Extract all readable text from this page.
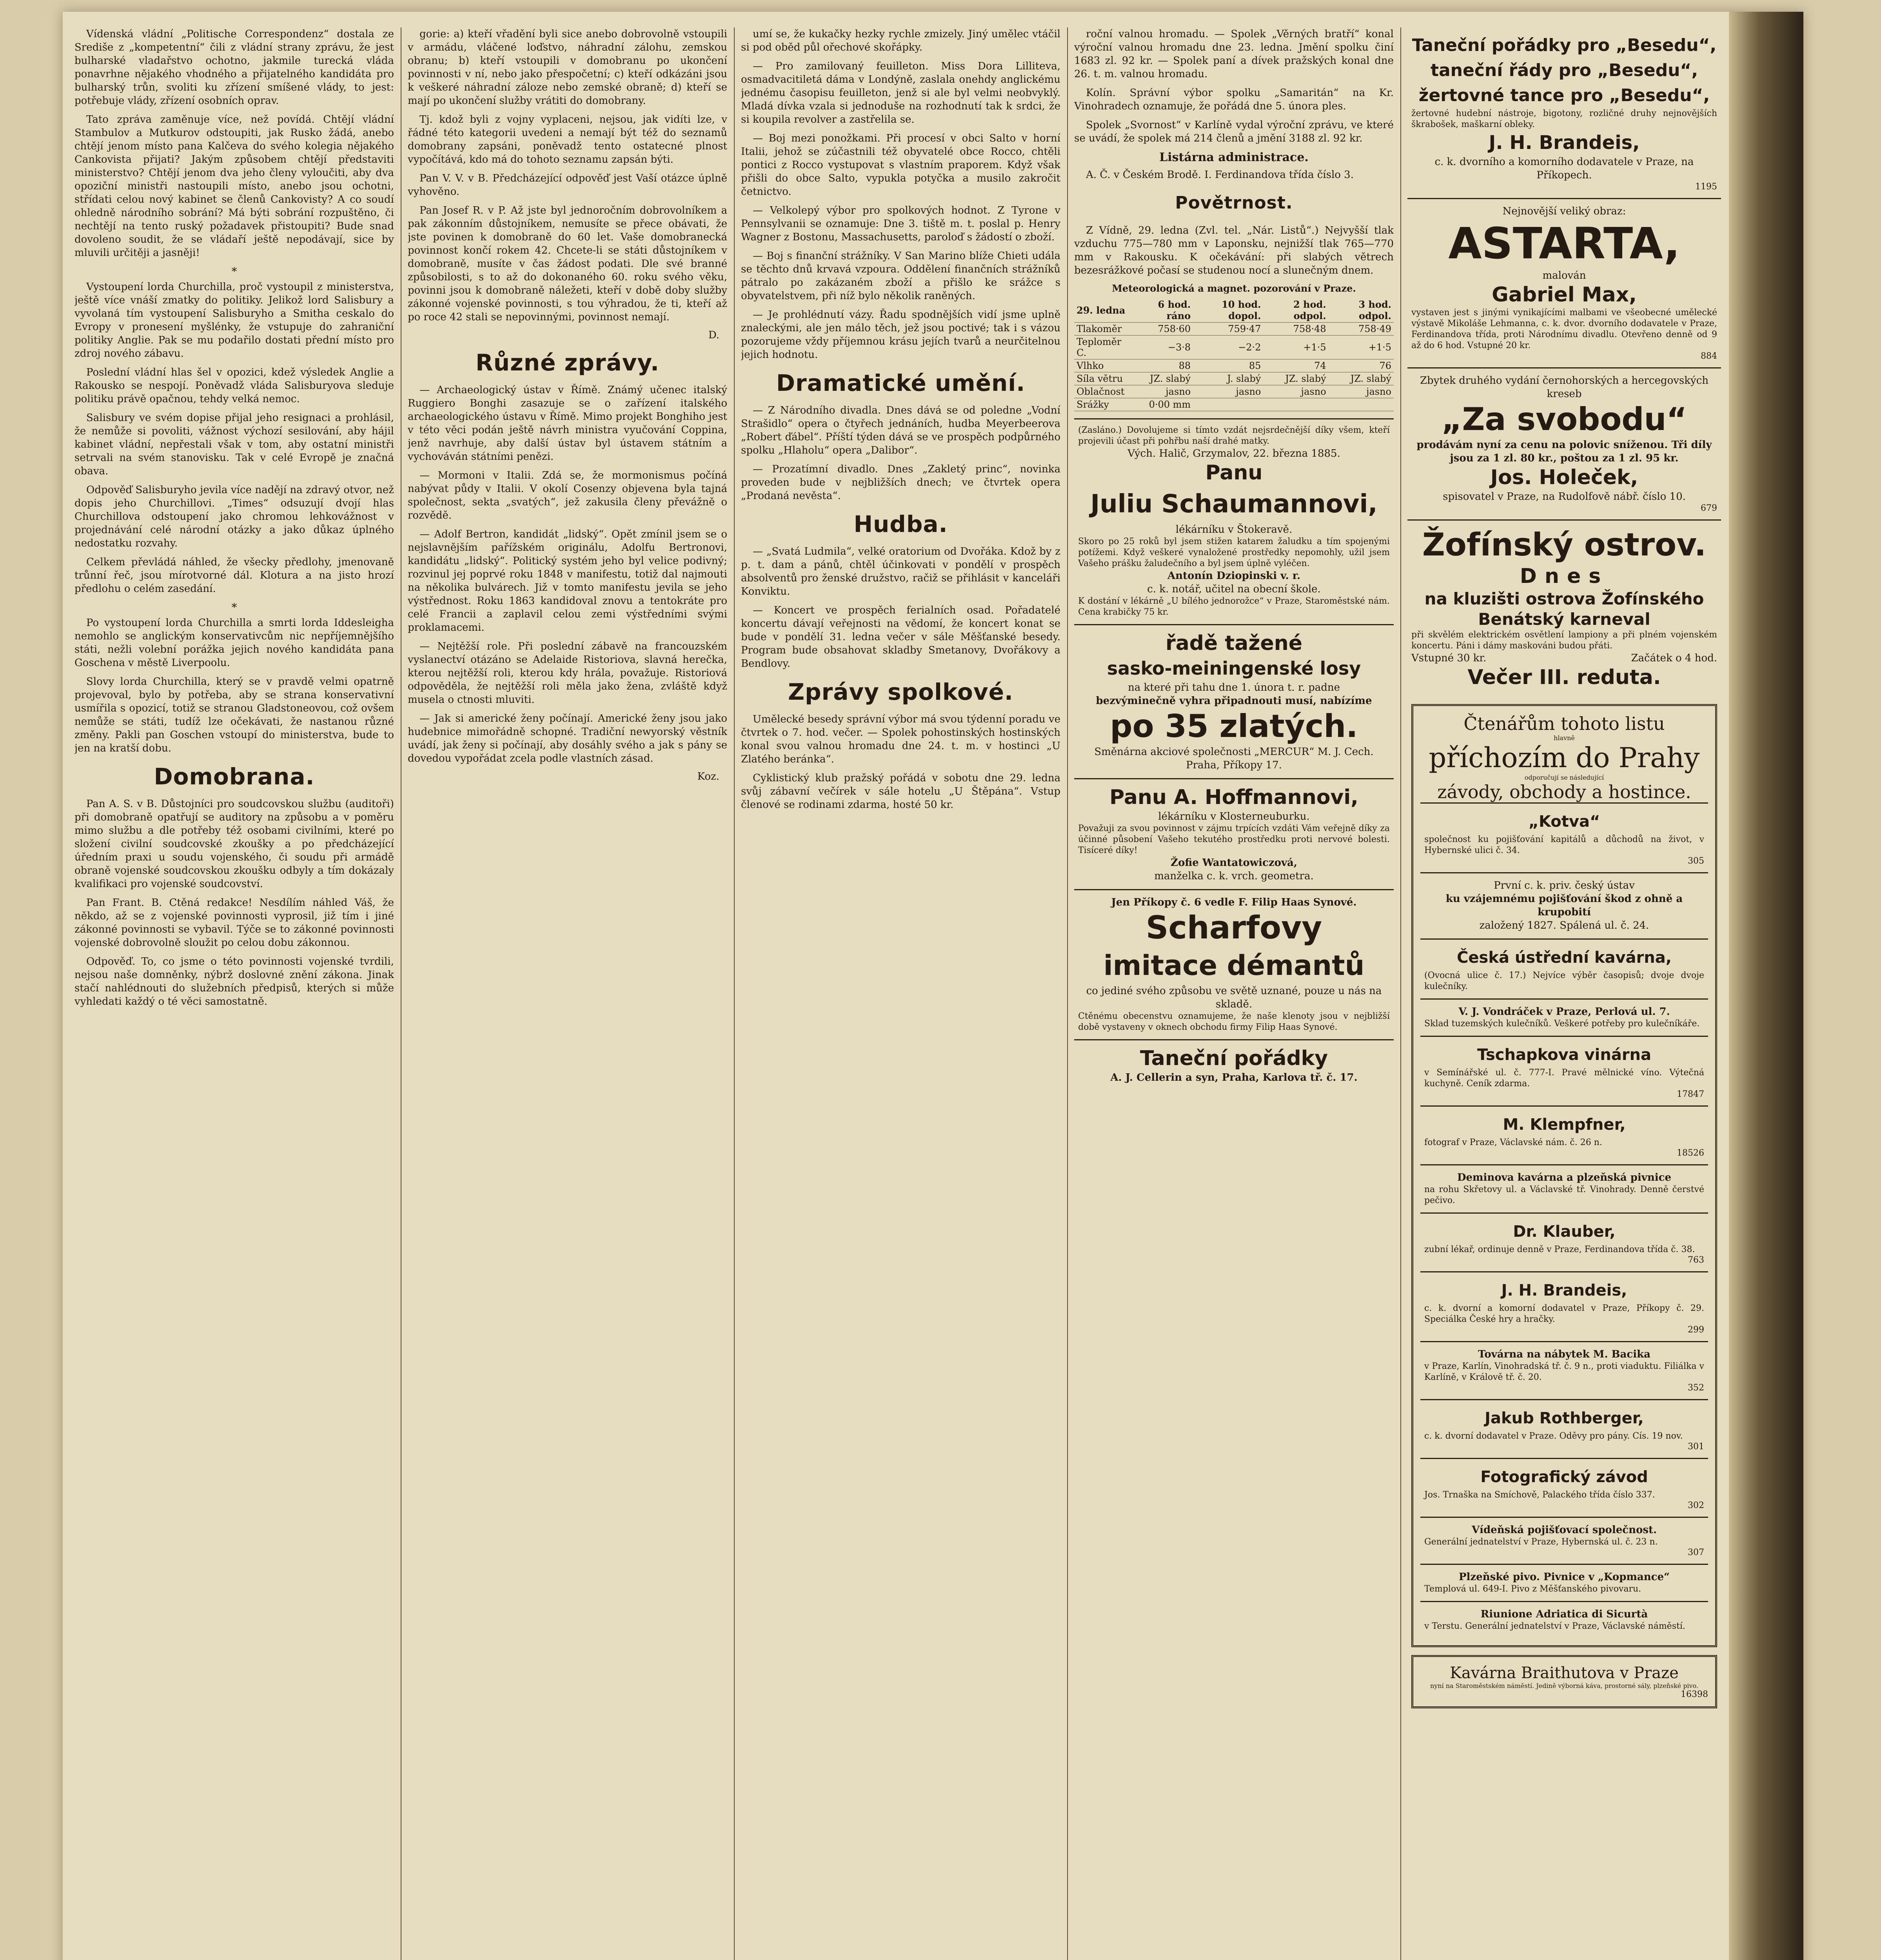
Vídenská vládní „Politische Correspondenz“ dostala ze Središe z „kompetentní“ čili z vládní strany zprávu, že jest bulharské vladařstvo ochotno, jakmile turecká vláda ponavrhne nějakého vhodného a přijatelného kandidáta pro bulharský trůn, svoliti ku zřízení smíšené vlády, to jest: potřebuje vlády, zřízení osobních oprav.

Tato zpráva zaměnuje více, než povídá. Chtějí vládní Stambulov a Mutkurov odstoupiti, jak Rusko žádá, anebo chtějí jenom místo pana Kalčeva do svého kolegia nějakého Cankovista přijati? Jakým způsobem chtějí představiti ministerstvo? Chtějí jenom dva jeho členy vyloučiti, aby dva opoziční ministři nastoupili místo, anebo jsou ochotni, střídati celou nový kabinet se členů Cankovisty? A co soudí ohledně národního sobrání? Má býti sobrání rozpuštěno, či nechtějí na tento ruský požadavek přistoupiti? Bude snad dovoleno soudit, že se vládaří ještě nepodávají, sice by mluvili určitěji a jasněji!

*

Vystoupení lorda Churchilla, proč vystoupil z ministerstva, ještě více vnáší zmatky do politiky. Jelikož lord Salisbury a vyvolaná tím vystoupení Salisburyho a Smitha ceskalo do Evropy v pronesení myšlénky, že vstupuje do zahraniční politiky Anglie. Pak se mu podařilo dostati přední místo pro zdroj nového zábavu.

Poslední vládní hlas šel v opozici, kdež výsledek Anglie a Rakousko se nespojí. Poněvadž vláda Salisburyova sleduje politiku právě opačnou, tehdy velká nemoc.

Salisbury ve svém dopise přijal jeho resignaci a prohlásil, že nemůže si povoliti, vážnost výchozí sesilování, aby hájil kabinet vládní, nepřestali však v tom, aby ostatní ministři setrvali na svém stanovisku. Tak v celé Evropě je značná obava.

Odpověď Salisburyho jevila více nadějí na zdravý otvor, než dopis jeho Churchillovi. „Times“ odsuzují dvojí hlas Churchillova odstoupení jako chromou lehkovážnost v projednávání celé národní otázky a jako důkaz úplného nedostatku rozvahy.

Celkem převládá náhled, že všecky předlohy, jmenovaně trůnní řeč, jsou mírotvorné dál. Klotura a na jisto hrozí předlohu o celém zasedání.

*

Po vystoupení lorda Churchilla a smrti lorda Iddesleigha nemohlo se anglickým konservativcům nic nepříjemnějšího státi, nežli volební porážka jejich nového kandidáta pana Goschena v městě Liverpoolu.

Slovy lorda Churchilla, který se v pravdě velmi opatrně projevoval, bylo by potřeba, aby se strana konservativní usmířila s opozicí, totiž se stranou Gladstoneovou, což ovšem nemůže se státi, tudíž lze očekávati, že nastanou různé změny. Pakli pan Goschen vstoupí do ministerstva, bude to jen na kratší dobu.

Domobrana.

Pan A. S. v B. Důstojníci pro soudcovskou službu (auditoři) při domobraně opatřují se auditory na způsobu a v poměru mimo službu a dle potřeby též osobami civilními, které po složení civilní soudcovské zkoušky a po předcházející úředním praxi u soudu vojenského, či soudu při armádě obraně vojenské soudcovskou zkoušku odbyly a tím dokázaly kvalifikaci pro vojenské soudcovství.

Pan Frant. B. Ctěná redakce! Nesdílím náhled Váš, že někdo, až se z vojenské povinnosti vyprosil, již tím i jiné zákonné povinnosti se vybavil. Týče se to zákonné povinnosti vojenské dobrovolně sloužit po celou dobu zákonnou.

Odpověď. To, co jsme o této povinnosti vojenské tvrdili, nejsou naše domněnky, nýbrž doslovné znění zákona. Jinak stačí nahlédnouti do služebních předpisů, kterých si může vyhledati každý o té věci samostatně.

gorie: a) kteří vřadění byli sice anebo dobrovolně vstoupili v armádu, vláčené loďstvo, náhradní zálohu, zemskou obranu; b) kteří vstoupili v domobranu po ukončení povinnosti v ní, nebo jako přespočetní; c) kteří odkázáni jsou k veškeré náhradní záloze nebo zemské obraně; d) kteří se mají po ukončení služby vrátiti do domobrany.

Tj. kdož byli z vojny vyplaceni, nejsou, jak vidíti lze, v řádné této kategorii uvedeni a nemají být též do seznamů domobrany zapsáni, poněvadž tento ostatecné plnost vypočítává, kdo má do tohoto seznamu zapsán býti.

Pan V. V. v B. Předcházející odpověď jest Vaší otázce úplně vyhověno.

Pan Josef R. v P. Až jste byl jednoročním dobrovolníkem a pak zákonním důstojníkem, nemusíte se přece obávati, že jste povinen k domobraně do 60 let. Vaše domobranecká povinnost končí rokem 42. Chcete-li se státi důstojníkem v domobraně, musíte v čas žádost podati. Dle své branné způsobilosti, s to až do dokonaného 60. roku svého věku, povinni jsou k domobraně náležeti, kteří v době doby služby zákonné vojenské povinnosti, s tou výhradou, že ti, kteří až po roce 42 stali se nepovinnými, povinnost nemají.

D.
Různé zprávy.

— Archaeologický ústav v Římě. Známý učenec italský Ruggiero Bonghi zasazuje se o zařízení italského archaeologického ústavu v Římě. Mimo projekt Bonghiho jest v této věci podán ještě návrh ministra vyučování Coppina, jenž navrhuje, aby další ústav byl ústavem státním a vychováván státními penězi.

— Mormoni v Italii. Zdá se, že mormonismus počíná nabývat půdy v Italii. V okolí Cosenzy objevena byla tajná společnost, sekta „svatých“, jež zakusila členy převážně o rozvědě.

— Adolf Bertron, kandidát „lidský“. Opět zmínil jsem se o nejslavnějším pařížském originálu, Adolfu Bertronovi, kandidátu „lidský“. Politický systém jeho byl velice podivný; rozvinul jej poprvé roku 1848 v manifestu, totiž dal najmouti na několika bulvárech. Již v tomto manifestu jevila se jeho výstřednost. Roku 1863 kandidoval znovu a tentokráte pro celé Francii a zaplavil celou zemi výstředními svými proklamacemi.

— Nejtěžší role. Při poslední zábavě na francouzském vyslanectví otázáno se Adelaide Ristoriova, slavná herečka, kterou nejtěžší roli, kterou kdy hrála, považuje. Ristoriová odpověděla, že nejtěžší roli měla jako žena, zvláště když musela o ctnosti mluviti.

— Jak si americké ženy počínají. Americké ženy jsou jako hudebnice mimořádně schopné. Tradiční newyorský věstník uvádí, jak ženy si počínají, aby dosáhly svého a jak s pány se dovedou vypořádat zcela podle vlastních zásad.

Koz.

umí se, že kukačky hezky rychle zmizely. Jiný umělec vtáčil si pod oběd půl ořechové skořápky.

— Pro zamilovaný feuilleton. Miss Dora Lilliteva, osmadvacitiletá dáma v Londýně, zaslala onehdy anglickému jednému časopisu feuilleton, jenž si ale byl velmi neobvyklý. Mladá dívka vzala si jednoduše na rozhodnutí tak k srdci, že si koupila revolver a zastřelila se.

— Boj mezi ponožkami. Při procesí v obci Salto v horní Italii, jehož se zúčastnili též obyvatelé obce Rocco, chtěli pontici z Rocco vystupovat s vlastním praporem. Když však přišli do obce Salto, vypukla potyčka a musilo zakročit četnictvo.

— Velkolepý výbor pro spolkových hodnot. Z Tyrone v Pennsylvanii se oznamuje: Dne 3. tiště m. t. poslal p. Henry Wagner z Bostonu, Massachusetts, paroloď s žádostí o zboží.

— Boj s finanční strážníky. V San Marino blíže Chieti udála se těchto dnů krvavá vzpoura. Oddělení finančních strážníků pátralo po zakázaném zboží a přišlo ke srážce s obyvatelstvem, při níž bylo několik raněných.

— Je prohlédnutí vázy. Řadu spodnějších vidí jsme uplně znaleckými, ale jen málo těch, jež jsou poctivé; tak i s vázou pozorujeme vždy příjemnou krásu jejích tvarů a neurčitelnou jejich hodnotu.

Dramatické umění.

— Z Národního divadla. Dnes dává se od poledne „Vodní Strašidlo“ opera o čtyřech jednáních, hudba Meyerbeerova „Robert ďábel“. Příští týden dává se ve prospěch podpůrného spolku „Hlaholu“ opera „Dalibor“.

— Prozatímní divadlo. Dnes „Zakletý princ“, novinka proveden bude v nejbližších dnech; ve čtvrtek opera „Prodaná nevěsta“.

Hudba.

— „Svatá Ludmila“, velké oratorium od Dvořáka. Kdož by z p. t. dam a pánů, chtěl účinkovati v pondělí v prospěch absolventů pro ženské družstvo, račiž se přihlásit v kanceláři Konviktu.

— Koncert ve prospěch ferialních osad. Pořadatelé koncertu dávají veřejnosti na vědomí, že koncert konat se bude v pondělí 31. ledna večer v sále Měšťanské besedy. Program bude obsahovat skladby Smetanovy, Dvořákovy a Bendlovy.

Zprávy spolkové.

Umělecké besedy správní výbor má svou týdenní poradu ve čtvrtek o 7. hod. večer. — Spolek pohostinských hostinských konal svou valnou hromadu dne 24. t. m. v hostinci „U Zlatého beránka“.

Cyklistický klub pražský pořádá v sobotu dne 29. ledna svůj zábavní večírek v sále hotelu „U Štěpána“. Vstup členové se rodinami zdarma, hosté 50 kr.

roční valnou hromadu. — Spolek „Věrných bratří“ konal výroční valnou hromadu dne 23. ledna. Jmění spolku činí 1683 zl. 92 kr. — Spolek paní a dívek pražských konal dne 26. t. m. valnou hromadu.

Kolín. Správní výbor spolku „Samaritán“ na Kr. Vinohradech oznamuje, že pořádá dne 5. února ples.

Spolek „Svornost“ v Karlíně vydal výroční zprávu, ve které se uvádí, že spolek má 214 členů a jmění 3188 zl. 92 kr.

Listárna administrace.

A. Č. v Českém Brodě. I. Ferdinandova třída číslo 3.

Povětrnost.

Z Vídně, 29. ledna (Zvl. tel. „Nár. Listů“.) Nejvyšší tlak vzduchu 775—780 mm v Laponsku, nejnižší tlak 765—770 mm v Rakousku. K očekávání: při slabých větrech bezesrážkové počasí se studenou nocí a slunečným dnem.

Meteorologická a magnet. pozorování v Praze.
29. ledna	6 hod. ráno	10 hod. dopol.	2 hod. odpol.	3 hod. odpol.
Tlakoměr	758·60	759·47	758·48	758·49
Teploměr C.	−3·8	−2·2	+1·5	+1·5
Vlhko	88	85	74	76
Síla větru	JZ. slabý	J. slabý	JZ. slabý	JZ. slabý
Oblačnost	jasno	jasno	jasno	jasno
Srážky	0·00 mm			
(Zasláno.) Dovolujeme si tímto vzdát nejsrdečnější díky všem, kteří projevili účast při pohřbu naší drahé matky.
Vých. Halič, Grzymalov, 22. března 1885.
Panu
Juliu Schaumannovi,
lékárníku v Štokeravě.
Skoro po 25 roků byl jsem stižen katarem žaludku a tím spojenými potížemi. Když veškeré vynaložené prostředky nepomohly, užil jsem Vašeho prášku žaludečního a byl jsem úplně vyléčen.
Antonín Dziopinski v. r.
c. k. notář, učitel na obecní škole.
K dostání v lékárně „U bílého jednorožce“ v Praze, Staroměstské nám. Cena krabičky 75 kr.
řadě tažené
sasko-meiningenské losy
na které při tahu dne 1. února t. r. padne
bezvýminečně vyhra připadnouti musí, nabízíme
po 35 zlatých.
Směnárna akciové společnosti „MERCUR“ M. J. Cech. Praha, Příkopy 17.
Panu A. Hoffmannovi,
lékárníku v Klosterneuburku.
Považuji za svou povinnost v zájmu trpících vzdáti Vám veřejně díky za účinné působení Vašeho tekutého prostředku proti nervové bolesti. Tisíceré díky!
Žofie Wantatowiczová,
manželka c. k. vrch. geometra.
Jen Příkopy č. 6 vedle F. Filip Haas Synové.
Scharfovy
imitace démantů
co jediné svého způsobu ve světě uznané, pouze u nás na skladě.
Ctěnému obecenstvu oznamujeme, že naše klenoty jsou v nejbližší době vystaveny v oknech obchodu firmy Filip Haas Synové.
Taneční pořádky
A. J. Cellerin a syn, Praha, Karlova tř. č. 17.
Taneční pořádky pro „Besedu“,
taneční řády pro „Besedu“,
žertovné tance pro „Besedu“,
žertovné hudební nástroje, bigotony, rozličné druhy nejnovějších škrabošek, maškarní obleky.
J. H. Brandeis,
c. k. dvorního a komorního dodavatele v Praze, na Příkopech.
1195
Nejnovější veliký obraz:
ASTARTA,
malován
Gabriel Max,
vystaven jest s jinými vynikajícími malbami ve všeobecné umělecké výstavě Mikoláše Lehmanna, c. k. dvor. dvorního dodavatele v Praze, Ferdinandova třída, proti Národnímu divadlu. Otevřeno denně od 9 až do 6 hod. Vstupné 20 kr.
884
Zbytek druhého vydání černohorských a hercegovských kreseb
„Za svobodu“
prodávám nyní za cenu na polovic sníženou. Tři díly jsou za 1 zl. 80 kr., poštou za 1 zl. 95 kr.
Jos. Holeček,
spisovatel v Praze, na Rudolfově nábř. číslo 10.
679
Žofínský ostrov.
Dnes
na kluzišti ostrova Žofínského Benátský karneval
při skvělém elektrickém osvětlení lampiony a při plném vojenském koncertu. Páni i dámy maskováni budou přáti.
Vstupné 30 kr.	Začátek o 4 hod.
Večer III. reduta.
Čtenářům tohoto listu
hlavně
příchozím do Prahy
odporučují se následující
závody, obchody a hostince.
„Kotva“
společnost ku pojišťování kapitálů a důchodů na život, v Hybernské ulici č. 34.
305
První c. k. priv. český ústav
ku vzájemnému pojišťování škod z ohně a krupobití
založený 1827. Spálená ul. č. 24.
Česká ústřední kavárna,
(Ovocná ulice č. 17.) Nejvíce výběr časopisů; dvoje dvoje kulečníky.
V. J. Vondráček v Praze, Perlová ul. 7.
Sklad tuzemských kulečníků. Veškeré potřeby pro kulečníkáře.
Tschapkova vinárna
v Semínářské ul. č. 777-I. Pravé mělnické víno. Výtečná kuchyně. Ceník zdarma.
17847
M. Klempfner,
fotograf v Praze, Václavské nám. č. 26 n.
18526
Deminova kavárna a plzeňská pivnice
na rohu Skřetovy ul. a Václavské tř. Vinohrady. Denně čerstvé pečivo.
Dr. Klauber,
zubní lékař, ordinuje denně v Praze, Ferdinandova třída č. 38.
763
J. H. Brandeis,
c. k. dvorní a komorní dodavatel v Praze, Příkopy č. 29. Speciálka České hry a hračky.
299
Továrna na nábytek M. Bacika
v Praze, Karlín, Vinohradská tř. č. 9 n., proti viaduktu. Filiálka v Karlíně, v Králově tř. č. 20.
352
Jakub Rothberger,
c. k. dvorní dodavatel v Praze. Oděvy pro pány. Cís. 19 nov.
301
Fotografický závod
Jos. Trnaška na Smíchově, Palackého třída číslo 337.
302
Vídeňská pojišťovací společnost.
Generální jednatelství v Praze, Hybernská ul. č. 23 n.
307
Plzeňské pivo. Pivnice v „Kopmance“
Templová ul. 649-I. Pivo z Měšťanského pivovaru.
Riunione Adriatica di Sicurtà
v Terstu. Generální jednatelství v Praze, Václavské náměstí.
Kavárna Braithutova v Praze
nyní na Staroměstském náměstí. Jedině výborná káva, prostorné sály, plzeňské pivo.
16398
